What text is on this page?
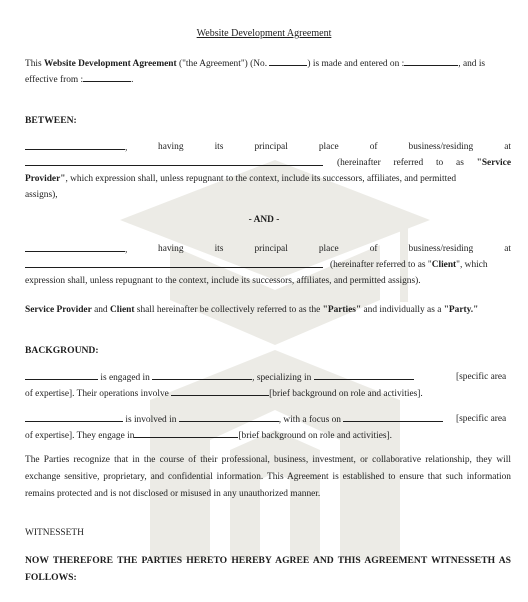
Website Development Agreement
This Website Development Agreement ("the Agreement") (No.	) is made and entered on :	, and is
effective from :	.
BETWEEN:
,	having	its	principal	place	of	business/residing	at
(hereinafter referred to as "Service
Provider", which expression shall, unless repugnant to the context, include its successors, affiliates, and permitted
assigns),
- AND -
,	having	its	principal	place	of	business/residing	at
(hereinafter referred to as "Client", which
expression shall, unless repugnant to the context, include its successors, affiliates, and permitted assigns).
Service Provider and Client shall hereinafter be collectively referred to as the "Parties" and individually as a "Party."
BACKGROUND:
is engaged in	, specializing in	[specific area
of expertise]. Their operations involve	[brief background on role and activities].
is involved in	, with a focus on	[specific area
of expertise]. They engage in	[brief background on role and activities].
The Parties recognize that in the course of their professional, business, investment, or collaborative relationship, they will exchange sensitive, proprietary, and confidential information. This Agreement is established to ensure that such information remains protected and is not disclosed or misused in any unauthorized manner.
WITNESSETH
NOW THEREFORE THE PARTIES HERETO HEREBY AGREE AND THIS AGREEMENT WITNESSETH AS FOLLOWS:
